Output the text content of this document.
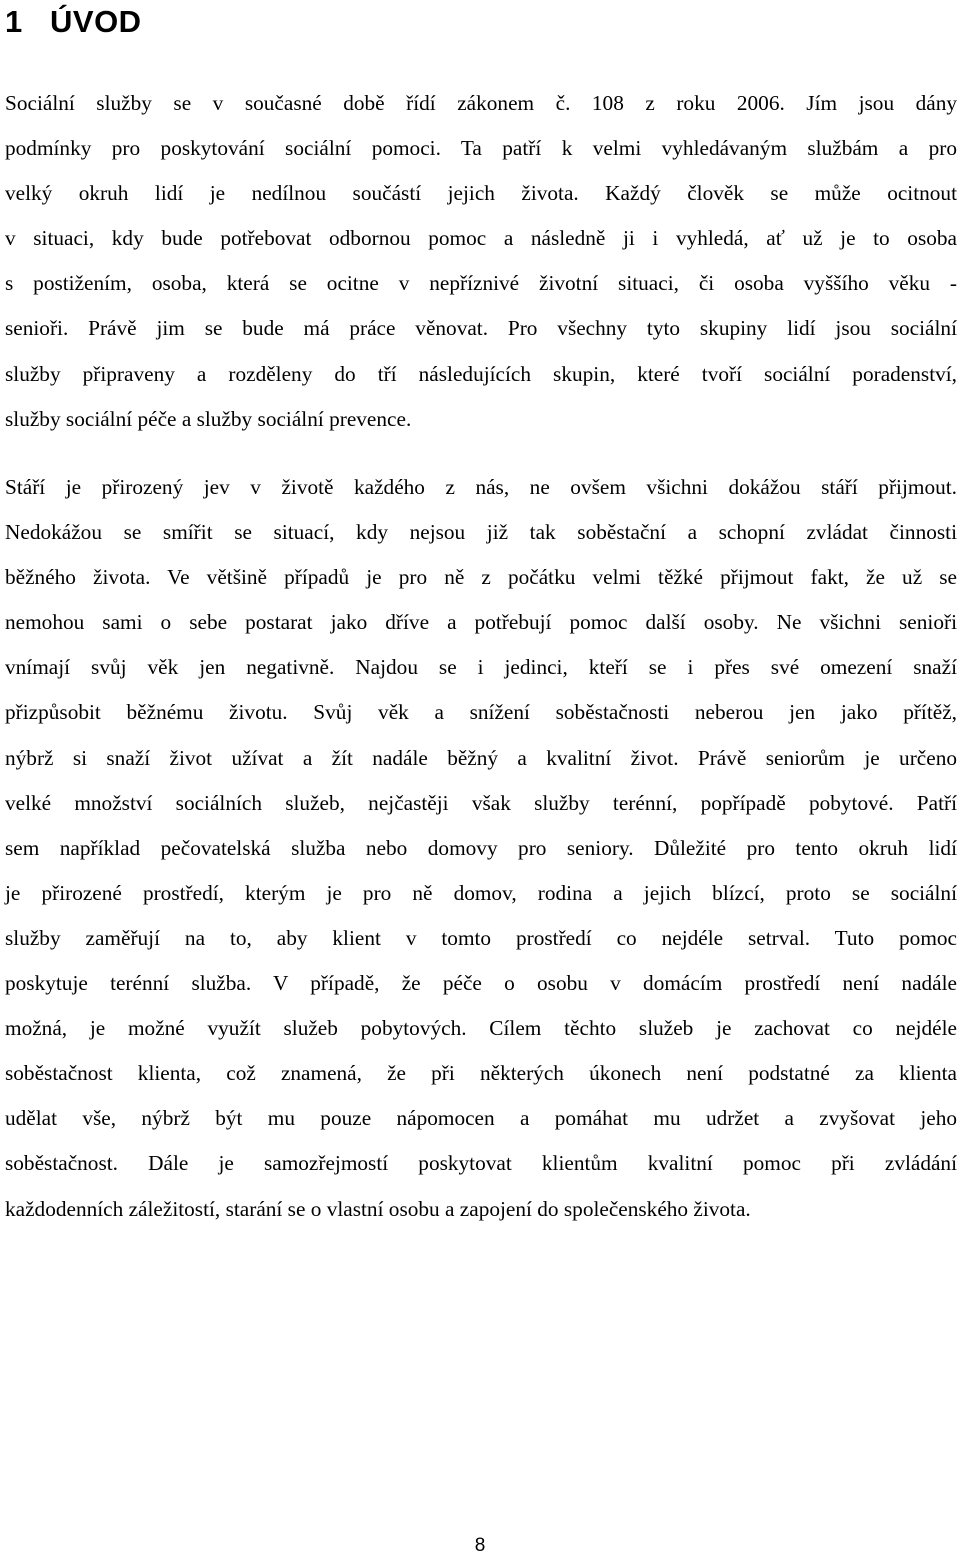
1 ÚVOD

Sociální služby se v současné době řídí zákonem č. 108 z roku 2006. Jím jsou dány
podmínky pro poskytování sociální pomoci. Ta patří k velmi vyhledávaným službám a pro
velký okruh lidí je nedílnou součástí jejich života. Každý člověk se může ocitnout
v situaci, kdy bude potřebovat odbornou pomoc a následně ji i vyhledá, ať už je to osoba
s postižením, osoba, která se ocitne v nepříznivé životní situaci, či osoba vyššího věku -
senioři. Právě jim se bude má práce věnovat. Pro všechny tyto skupiny lidí jsou sociální
služby připraveny a rozděleny do tří následujících skupin, které tvoří sociální poradenství,
služby sociální péče a služby sociální prevence.

Stáří je přirozený jev v životě každého z nás, ne ovšem všichni dokážou stáří přijmout.
Nedokážou se smířit se situací, kdy nejsou již tak soběstační a schopní zvládat činnosti
běžného života. Ve většině případů je pro ně z počátku velmi těžké přijmout fakt, že už se
nemohou sami o sebe postarat jako dříve a potřebují pomoc další osoby. Ne všichni senioři
vnímají svůj věk jen negativně. Najdou se i jedinci, kteří se i přes své omezení snaží
přizpůsobit běžnému životu. Svůj věk a snížení soběstačnosti neberou jen jako přítěž,
nýbrž si snaží život užívat a žít nadále běžný a kvalitní život. Právě seniorům je určeno
velké množství sociálních služeb, nejčastěji však služby terénní, popřípadě pobytové. Patří
sem například pečovatelská služba nebo domovy pro seniory. Důležité pro tento okruh lidí
je přirozené prostředí, kterým je pro ně domov, rodina a jejich blízcí, proto se sociální
služby zaměřují na to, aby klient v tomto prostředí co nejdéle setrval. Tuto pomoc
poskytuje terénní služba. V případě, že péče o osobu v domácím prostředí není nadále
možná, je možné využít služeb pobytových. Cílem těchto služeb je zachovat co nejdéle
soběstačnost klienta, což znamená, že při některých úkonech není podstatné za klienta
udělat vše, nýbrž být mu pouze nápomocen a pomáhat mu udržet a zvyšovat jeho
soběstačnost. Dále je samozřejmostí poskytovat klientům kvalitní pomoc při zvládání
každodenních záležitostí, starání se o vlastní osobu a zapojení do společenského života.

8
